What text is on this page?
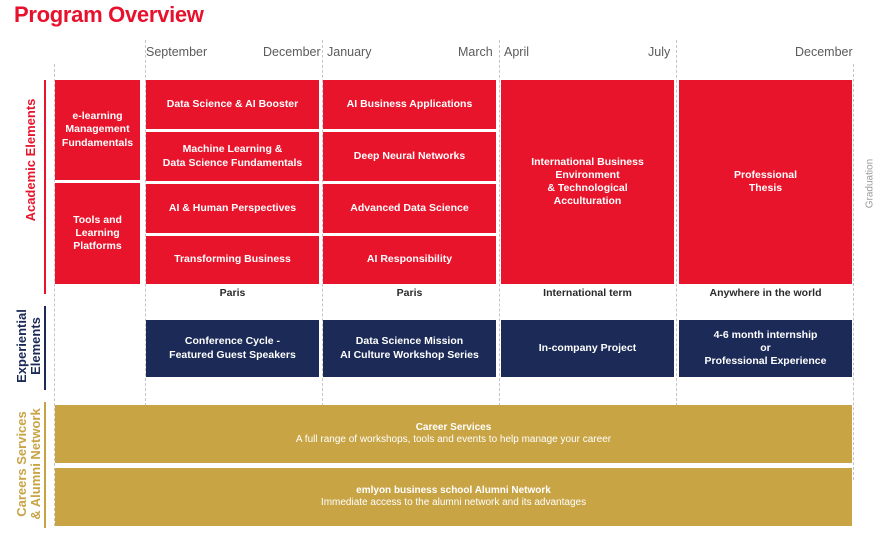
Program Overview
September	December January	March April	July	December
Academic Elements
Experiential
Elements
Careers Services
& Alumni Network
Graduation
e-learning
Management
Fundamentals
Tools and
Learning
Platforms
Data Science & AI Booster
Machine Learning &
Data Science Fundamentals
AI & Human Perspectives
Transforming Business
AI Business Applications
Deep Neural Networks
Advanced Data Science
AI Responsibility
International Business
Environment
& Technological
Acculturation
Professional
Thesis
Paris	Paris	International term	Anywhere in the world
Conference Cycle -
Featured Guest Speakers
Data Science Mission
AI Culture Workshop Series
In-company Project
4-6 month internship
or
Professional Experience
Career Services
A full range of workshops, tools and events to help manage your career
emlyon business school Alumni Network
Immediate access to the alumni network and its advantages
